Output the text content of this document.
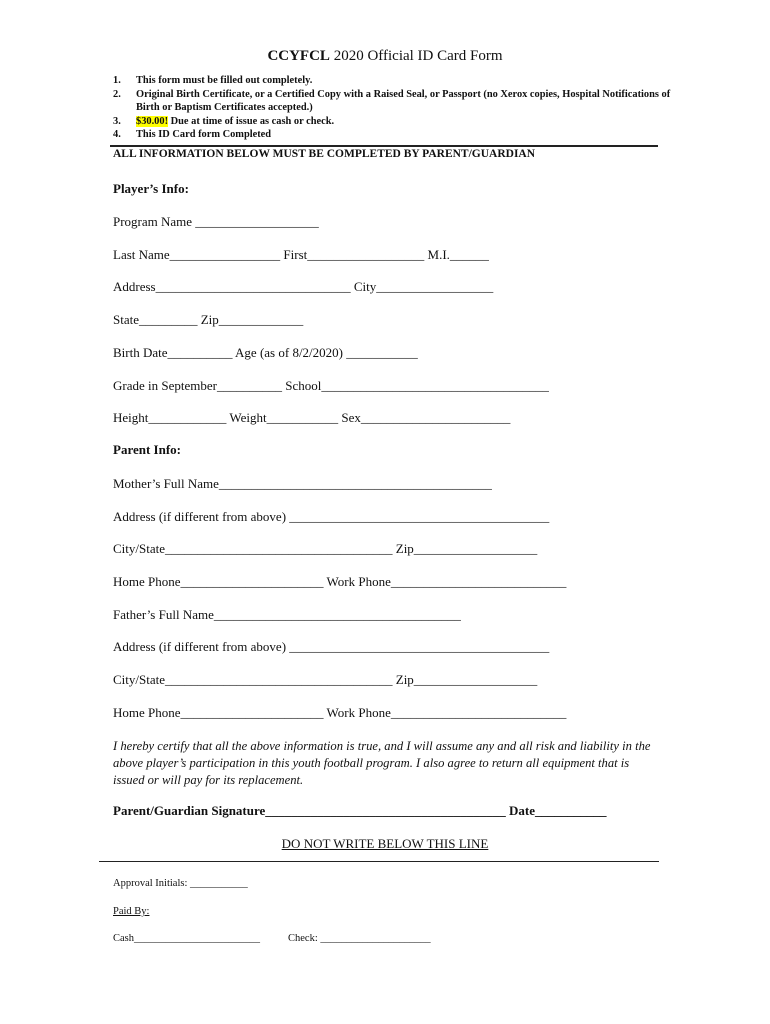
CCYFCL 2020 Official ID Card Form
1.	This form must be filled out completely.
2.	Original Birth Certificate, or a Certified Copy with a Raised Seal, or Passport (no Xerox copies, Hospital Notifications of Birth or Baptism Certificates accepted.)
3.	$30.00! Due at time of issue as cash or check.
4.	This ID Card form Completed
ALL INFORMATION BELOW MUST BE COMPLETED BY PARENT/GUARDIAN
Player’s Info:
Program Name ___________________
Last Name_________________ First__________________ M.I.______
Address______________________________ City__________________
State_________ Zip_____________
Birth Date__________ Age (as of 8/2/2020) ___________
Grade in September__________ School___________________________________
Height____________ Weight___________ Sex_______________________
Parent Info:
Mother’s Full Name__________________________________________
Address (if different from above) ________________________________________
City/State___________________________________ Zip___________________
Home Phone______________________ Work Phone___________________________
Father’s Full Name______________________________________
Address (if different from above) ________________________________________
City/State___________________________________ Zip___________________
Home Phone______________________ Work Phone___________________________
I hereby certify that all the above information is true, and I will assume any and all risk and liability in the above player’s participation in this youth football program. I also agree to return all equipment that is issued or will pay for its replacement.
Parent/Guardian Signature_____________________________________ Date___________
DO NOT WRITE BELOW THIS LINE
Approval Initials: ___________
Paid By:
Cash________________________	Check: _____________________
